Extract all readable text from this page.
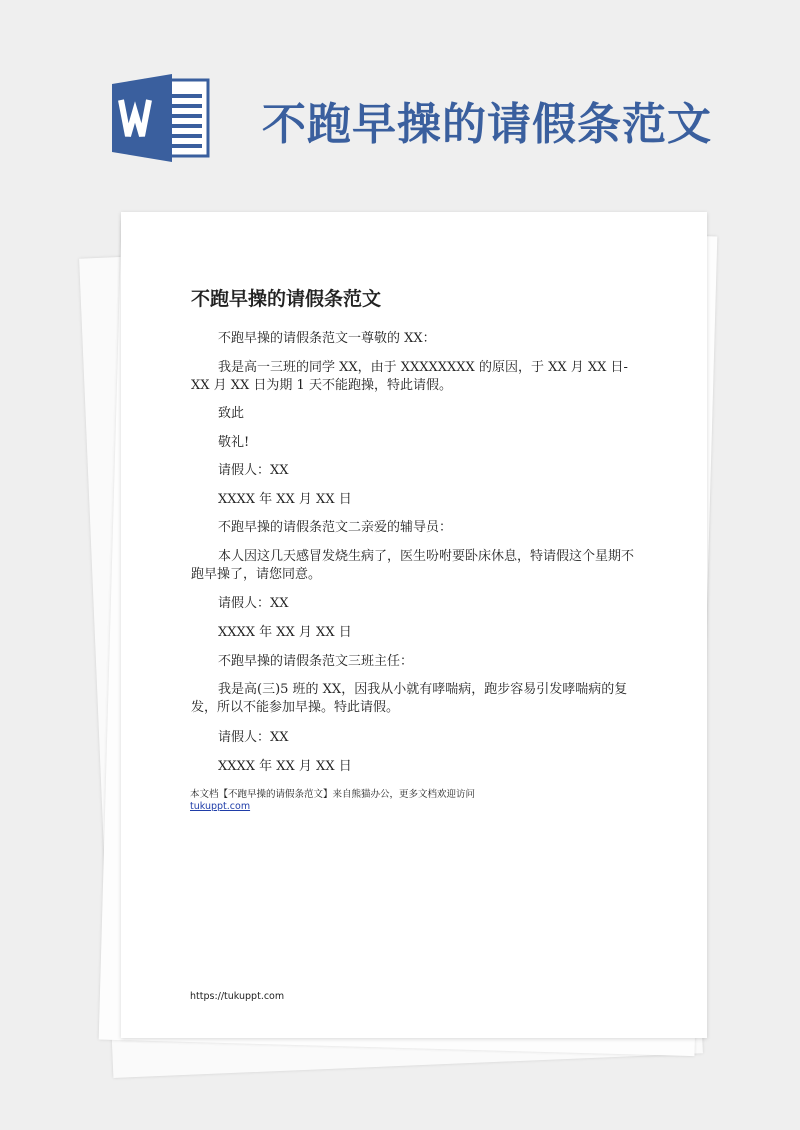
不跑早操的请假条范文
不跑早操的请假条范文
不跑早操的请假条范文一尊敬的 XX：
我是高一三班的同学 XX，由于 XXXXXXXX 的原因，于 XX 月 XX 日-XX 月 XX 日为期 1 天不能跑操，特此请假。
致此
敬礼!
请假人：XX
XXXX 年 XX 月 XX 日
不跑早操的请假条范文二亲爱的辅导员：
本人因这几天感冒发烧生病了，医生吩咐要卧床休息，特请假这个星期不跑早操了，请您同意。
请假人：XX
XXXX 年 XX 月 XX 日
不跑早操的请假条范文三班主任：
我是高(三)5 班的 XX，因我从小就有哮喘病，跑步容易引发哮喘病的复发，所以不能参加早操。特此请假。
请假人：XX
XXXX 年 XX 月 XX 日
本文档【不跑早操的请假条范文】来自熊猫办公，更多文档欢迎访问
tukuppt.com
https://tukuppt.com
